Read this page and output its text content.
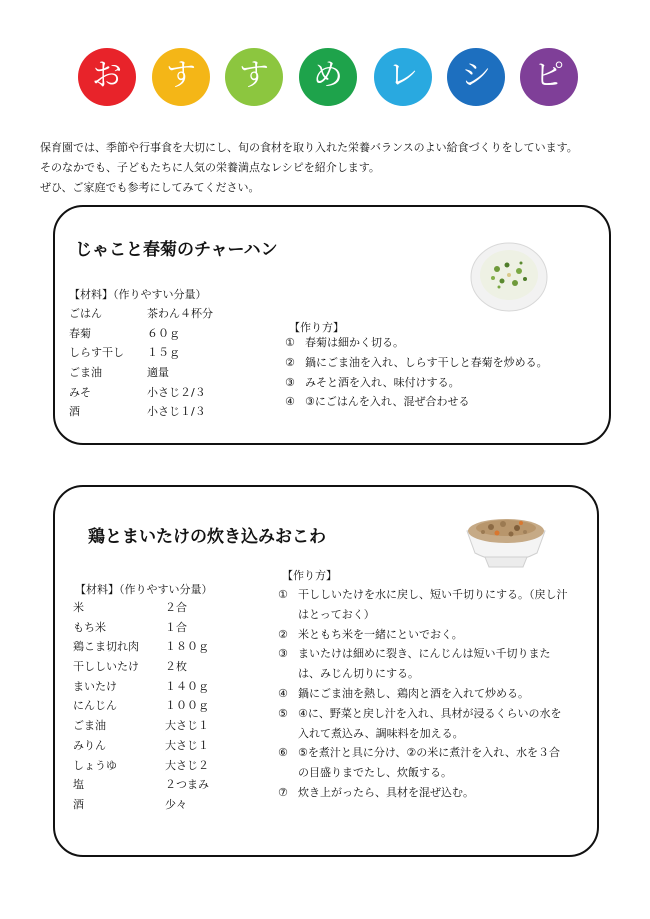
お	す	す	め	レ	シ	ピ
保育園では、季節や行事食を大切にし、旬の食材を取り入れた栄養バランスのよい給食づくりをしています。
そのなかでも、子どもたちに人気の栄養満点なレシピを紹介します。
ぜひ、ご家庭でも参考にしてみてください。
じゃこと春菊のチャーハン
【材料】（作りやすい分量）
ごはん	茶わん４杯分
春菊	６０ｇ
しらす干し １５ｇ
ごま油	適量
みそ	小さじ２/３
酒	小さじ１/３
【作り方】
① 春菊は細かく切る。
② 鍋にごま油を入れ、しらす干しと春菊を炒める。
③ みそと酒を入れ、味付けする。
④ ③にごはんを入れ、混ぜ合わせる
鶏とまいたけの炊き込みおこわ
【材料】（作りやすい分量）
米	２合
もち米	１合
鶏こま切れ肉 １８０ｇ
干ししいたけ ２枚
まいたけ	１４０ｇ
にんじん	１００ｇ
ごま油	大さじ１
みりん	大さじ１
しょうゆ	大さじ２
塩	２つまみ
酒	少々
【作り方】
① 干ししいたけを水に戻し、短い千切りにする。（戻し汁はとっておく）
② 米ともち米を一緒にといでおく。
③ まいたけは細めに裂き、にんじんは短い千切りまたは、みじん切りにする。
④ 鍋にごま油を熱し、鶏肉と酒を入れて炒める。
⑤ ④に、野菜と戻し汁を入れ、具材が浸るくらいの水を入れて煮込み、調味料を加える。
⑥ ⑤を煮汁と具に分け、②の米に煮汁を入れ、水を３合の目盛りまでたし、炊飯する。
⑦ 炊き上がったら、具材を混ぜ込む。
